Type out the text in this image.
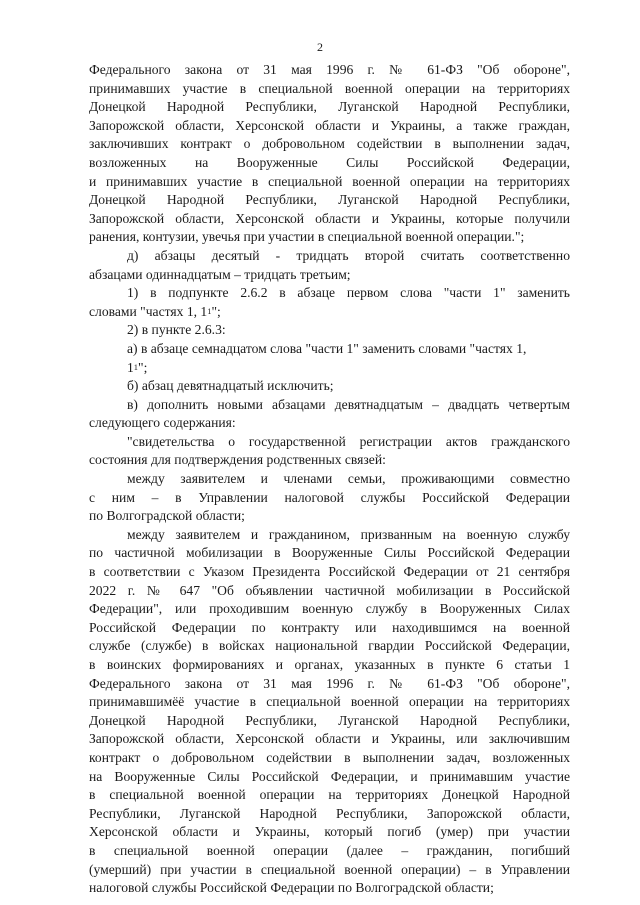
2
Федерального закона от 31 мая 1996 г. № 61-ФЗ "Об обороне",
принимавших участие в специальной военной операции на территориях
Донецкой Народной Республики, Луганской Народной Республики,
Запорожской области, Херсонской области и Украины, а также граждан,
заключивших контракт о добровольном содействии в выполнении задач,
возложенных на Вооруженные Силы Российской Федерации,
и принимавших участие в специальной военной операции на территориях
Донецкой Народной Республики, Луганской Народной Республики,
Запорожской области, Херсонской области и Украины, которые получили
ранения, контузии, увечья при участии в специальной военной операции.";
д) абзацы десятый - тридцать второй считать соответственно
абзацами одиннадцатым – тридцать третьим;
1) в подпункте 2.6.2 в абзаце первом слова "части 1" заменить
словами "частях 1, $1^1$";
2) в пункте 2.6.3:
а) в абзаце семнадцатом слова "части 1" заменить словами "частях 1,
$1^1$";
б) абзац девятнадцатый исключить;
в) дополнить новыми абзацами девятнадцатым – двадцать четвертым
следующего содержания:
"свидетельства о государственной регистрации актов гражданского
состояния для подтверждения родственных связей:
между заявителем и членами семьи, проживающими совместно
с ним – в Управлении налоговой службы Российской Федерации
по Волгоградской области;
между заявителем и гражданином, призванным на военную службу
по частичной мобилизации в Вооруженные Силы Российской Федерации
в соответствии с Указом Президента Российской Федерации от 21 сентября
2022 г. № 647 "Об объявлении частичной мобилизации в Российской
Федерации", или проходившим военную службу в Вооруженных Силах
Российской Федерации по контракту или находившимся на военной
службе (службе) в войсках национальной гвардии Российской Федерации,
в воинских формированиях и органах, указанных в пункте 6 статьи 1
Федерального закона от 31 мая 1996 г. № 61-ФЗ "Об обороне",
принимавшимёё участие в специальной военной операции на территориях
Донецкой Народной Республики, Луганской Народной Республики,
Запорожской области, Херсонской области и Украины, или заключившим
контракт о добровольном содействии в выполнении задач, возложенных
на Вооруженные Силы Российской Федерации, и принимавшим участие
в специальной военной операции на территориях Донецкой Народной
Республики, Луганской Народной Республики, Запорожской области,
Херсонской области и Украины, который погиб (умер) при участии
в специальной военной операции (далее – гражданин, погибший
(умерший) при участии в специальной военной операции) – в Управлении
налоговой службы Российской Федерации по Волгоградской области;
